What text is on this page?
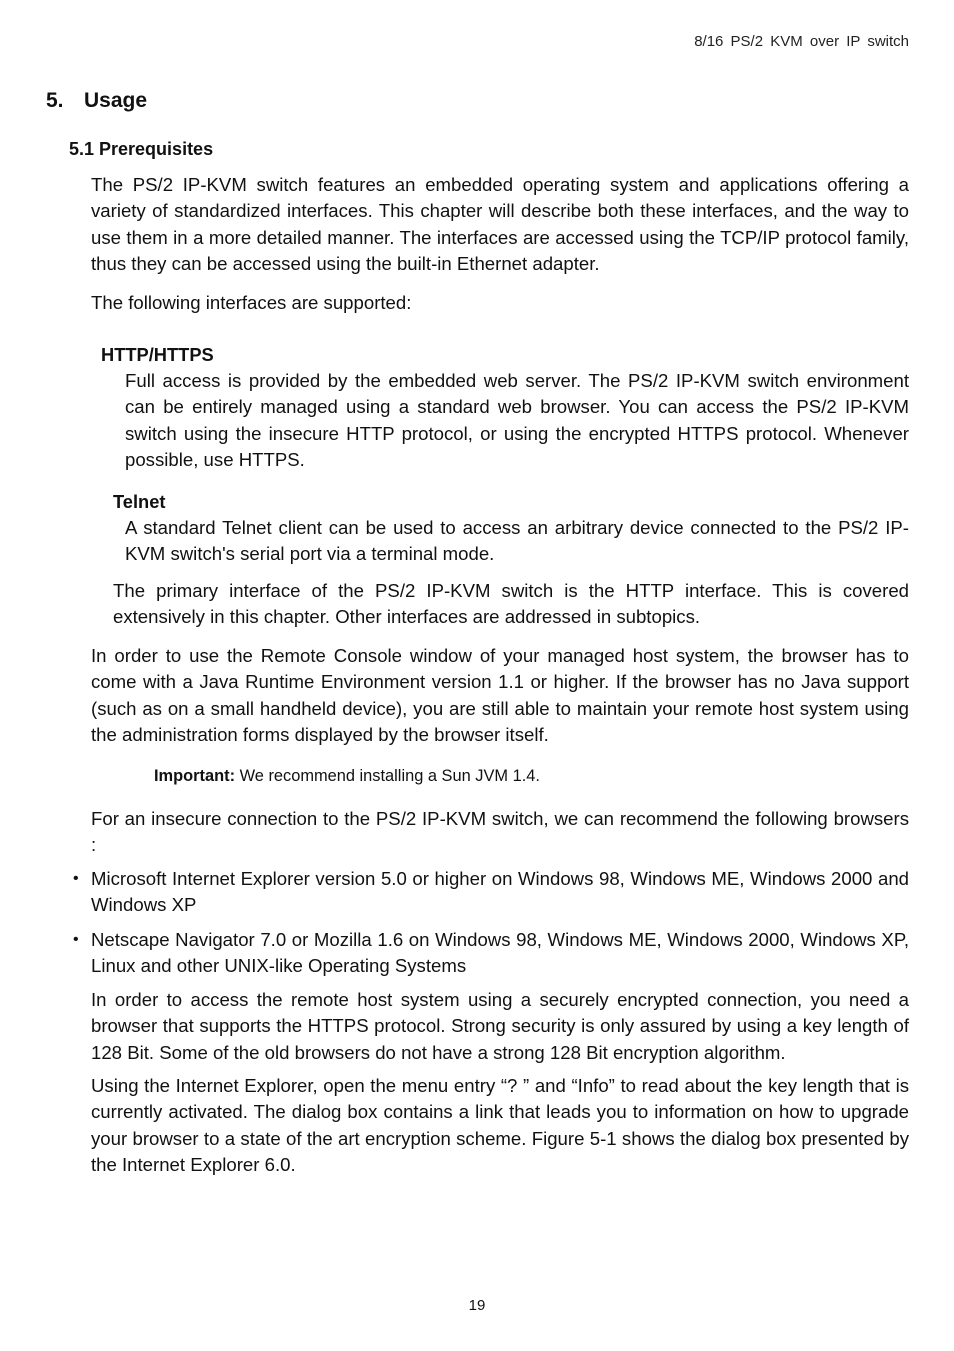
8/16 PS/2 KVM over IP switch
5. Usage
5.1 Prerequisites

The PS/2 IP-KVM switch features an embedded operating system and applications offering a variety of standardized interfaces. This chapter will describe both these interfaces, and the way to use them in a more detailed manner. The interfaces are accessed using the TCP/IP protocol family, thus they can be accessed using the built-in Ethernet adapter.

The following interfaces are supported:

HTTP/HTTPS

Full access is provided by the embedded web server. The PS/2 IP-KVM switch environment can be entirely managed using a standard web browser. You can access the PS/2 IP-KVM switch using the insecure HTTP protocol, or using the encrypted HTTPS protocol. Whenever possible, use HTTPS.

Telnet

A standard Telnet client can be used to access an arbitrary device connected to the PS/2 IP-KVM switch's serial port via a terminal mode.

The primary interface of the PS/2 IP-KVM switch is the HTTP interface. This is covered extensively in this chapter. Other interfaces are addressed in subtopics.

In order to use the Remote Console window of your managed host system, the browser has to come with a Java Runtime Environment version 1.1 or higher. If the browser has no Java support (such as on a small handheld device), you are still able to maintain your remote host system using the administration forms displayed by the browser itself.

Important: We recommend installing a Sun JVM 1.4.

For an insecure connection to the PS/2 IP-KVM switch, we can recommend the following browsers :

• Microsoft Internet Explorer version 5.0 or higher on Windows 98, Windows ME, Windows 2000 and Windows XP

• Netscape Navigator 7.0 or Mozilla 1.6 on Windows 98, Windows ME, Windows 2000, Windows XP, Linux and other UNIX-like Operating Systems

In order to access the remote host system using a securely encrypted connection, you need a browser that supports the HTTPS protocol. Strong security is only assured by using a key length of 128 Bit. Some of the old browsers do not have a strong 128 Bit encryption algorithm.

Using the Internet Explorer, open the menu entry “? ” and “Info” to read about the key length that is currently activated. The dialog box contains a link that leads you to information on how to upgrade your browser to a state of the art encryption scheme. Figure 5-1 shows the dialog box presented by the Internet Explorer 6.0.

19
